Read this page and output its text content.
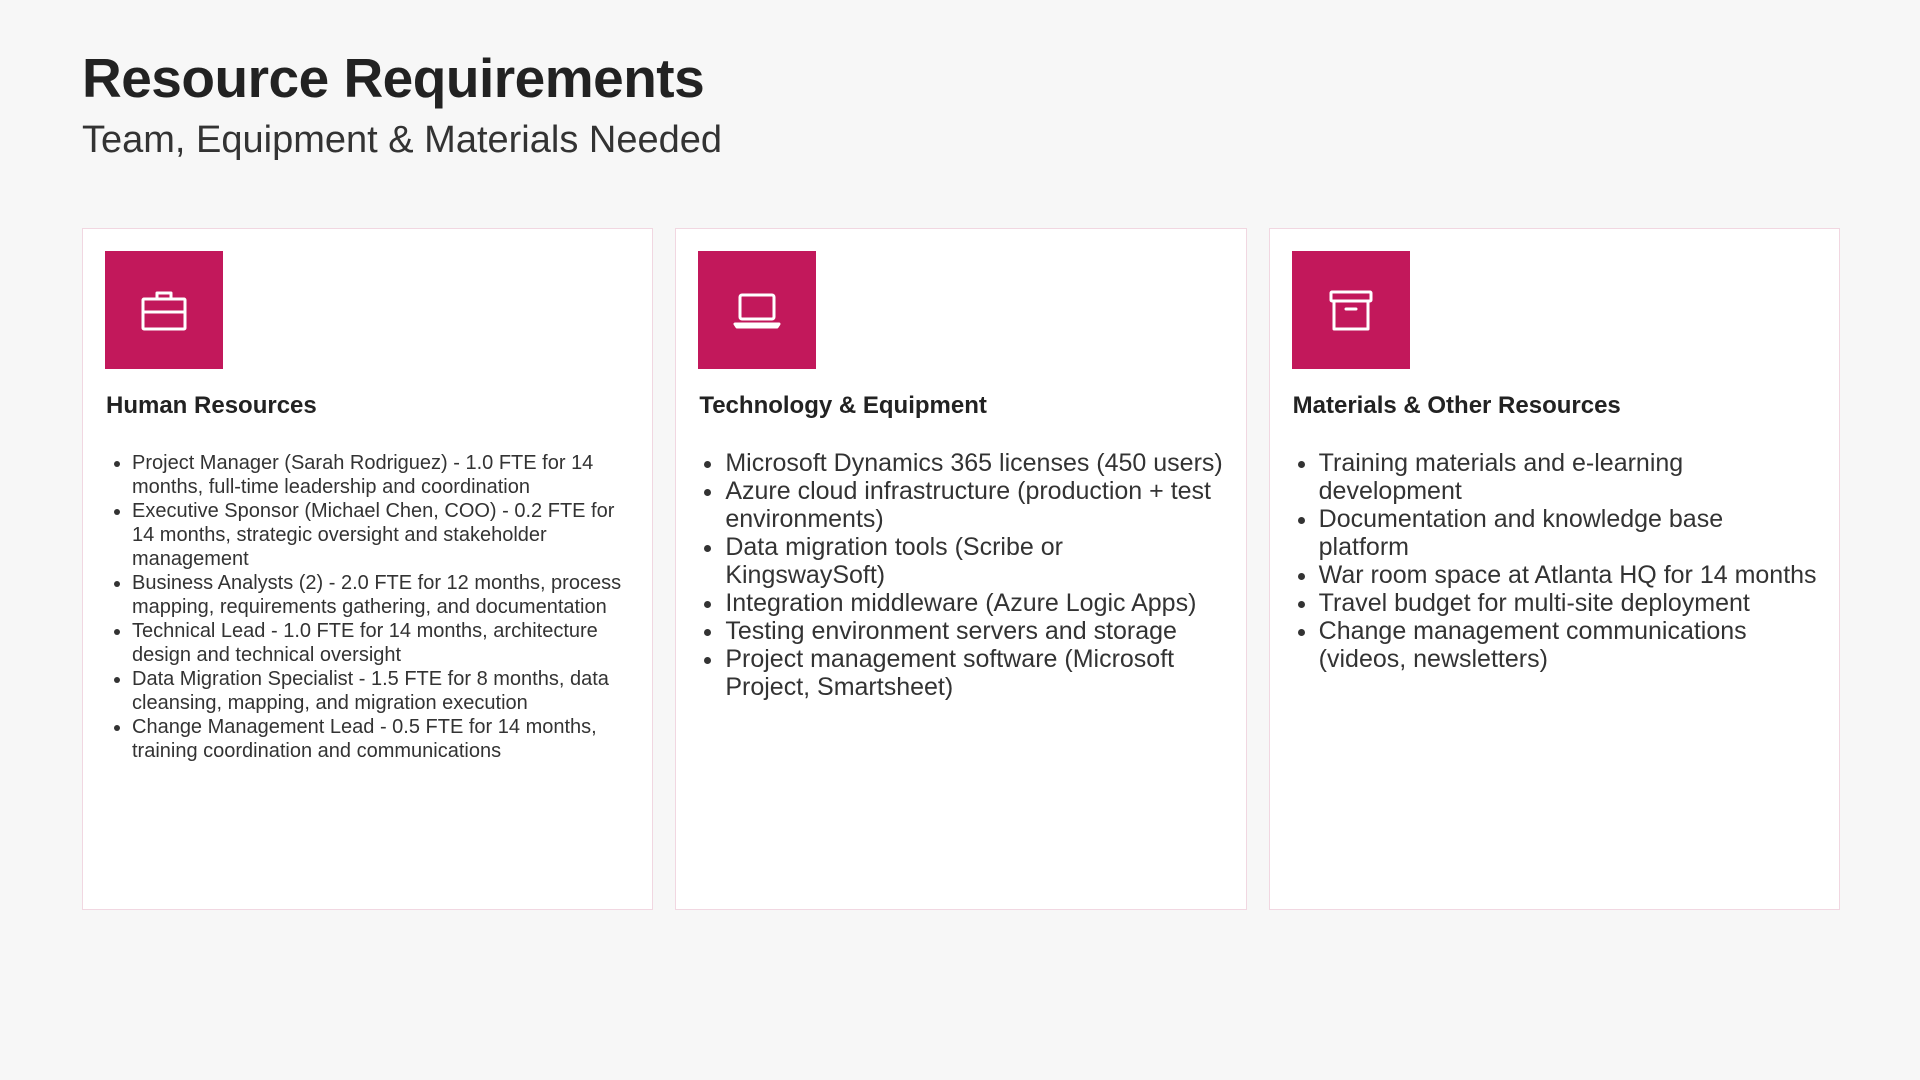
Resource Requirements
Team, Equipment & Materials Needed
Human Resources
• Project Manager (Sarah Rodriguez) - 1.0 FTE for 14 months, full-time leadership and coordination
• Executive Sponsor (Michael Chen, COO) - 0.2 FTE for 14 months, strategic oversight and stakeholder management
• Business Analysts (2) - 2.0 FTE for 12 months, process mapping, requirements gathering, and documentation
• Technical Lead - 1.0 FTE for 14 months, architecture design and technical oversight
• Data Migration Specialist - 1.5 FTE for 8 months, data cleansing, mapping, and migration execution
• Change Management Lead - 0.5 FTE for 14 months, training coordination and communications
Technology & Equipment
• Microsoft Dynamics 365 licenses (450 users)
• Azure cloud infrastructure (production + test environments)
• Data migration tools (Scribe or KingswaySoft)
• Integration middleware (Azure Logic Apps)
• Testing environment servers and storage
• Project management software (Microsoft Project, Smartsheet)
Materials & Other Resources
• Training materials and e-learning development
• Documentation and knowledge base platform
• War room space at Atlanta HQ for 14 months
• Travel budget for multi-site deployment
• Change management communications (videos, newsletters)
